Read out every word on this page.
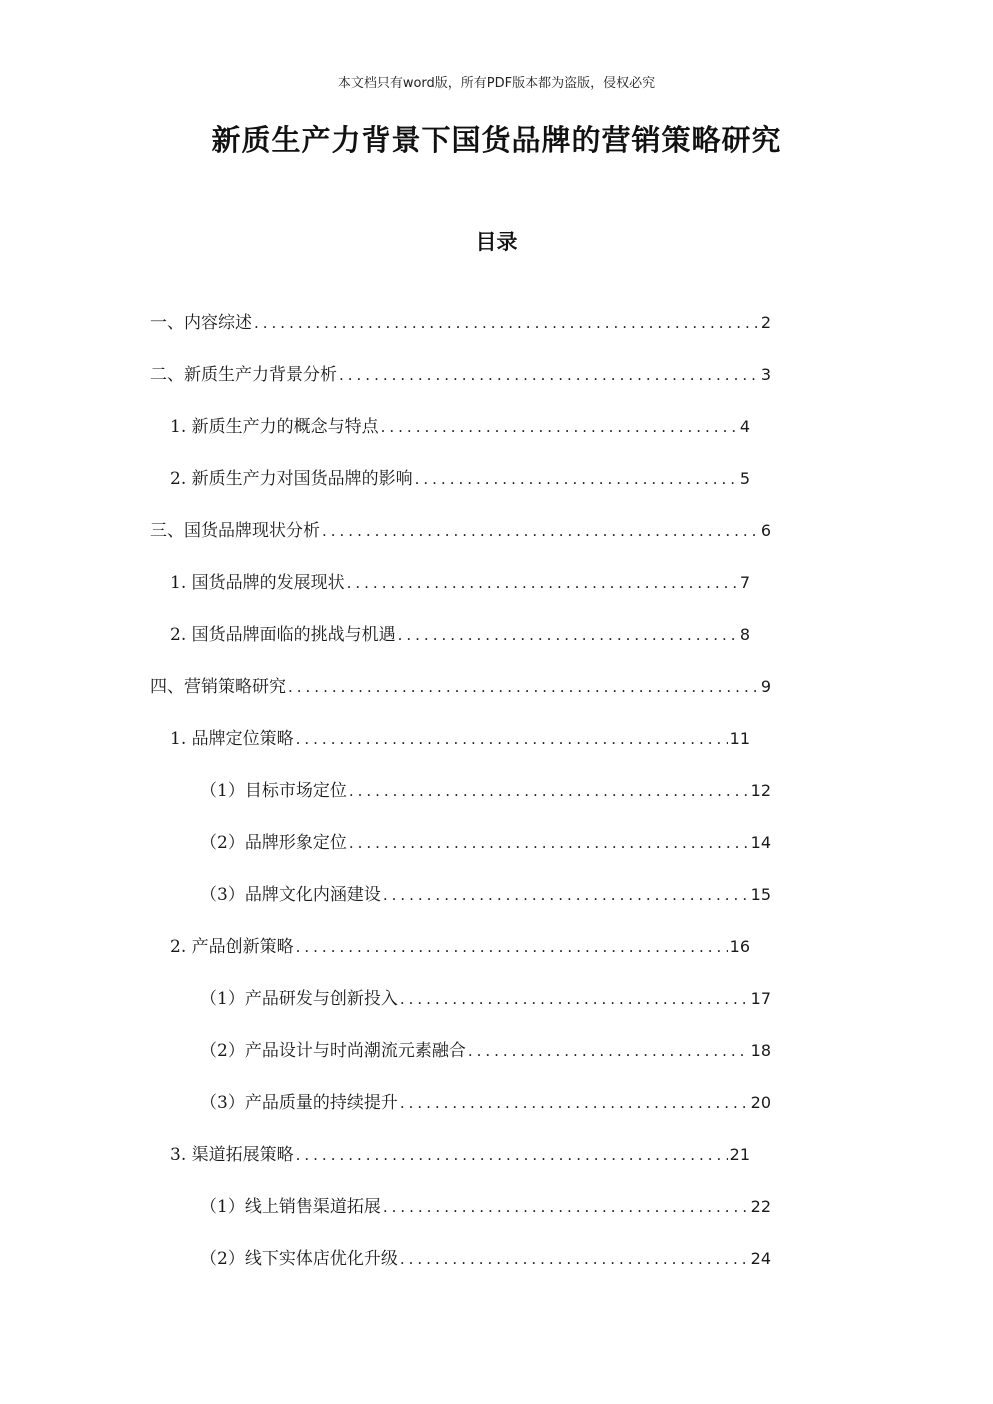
本文档只有word版，所有PDF版本都为盗版，侵权必究
新质生产力背景下国货品牌的营销策略研究
目录
一、内容综述 .....	2
二、新质生产力背景分析 .....	3
1. 新质生产力的概念与特点 .....	4
2. 新质生产力对国货品牌的影响 .....	5
三、国货品牌现状分析 .....	6
1. 国货品牌的发展现状 .....	7
2. 国货品牌面临的挑战与机遇 .....	8
四、营销策略研究 .....	9
1. 品牌定位策略 .....	11
（1）目标市场定位 .....	12
（2）品牌形象定位 .....	14
（3）品牌文化内涵建设 .....	15
2. 产品创新策略 .....	16
（1）产品研发与创新投入 .....	17
（2）产品设计与时尚潮流元素融合 .....	18
（3）产品质量的持续提升 .....	20
3. 渠道拓展策略 .....	21
（1）线上销售渠道拓展 .....	22
（2）线下实体店优化升级 .....	24
